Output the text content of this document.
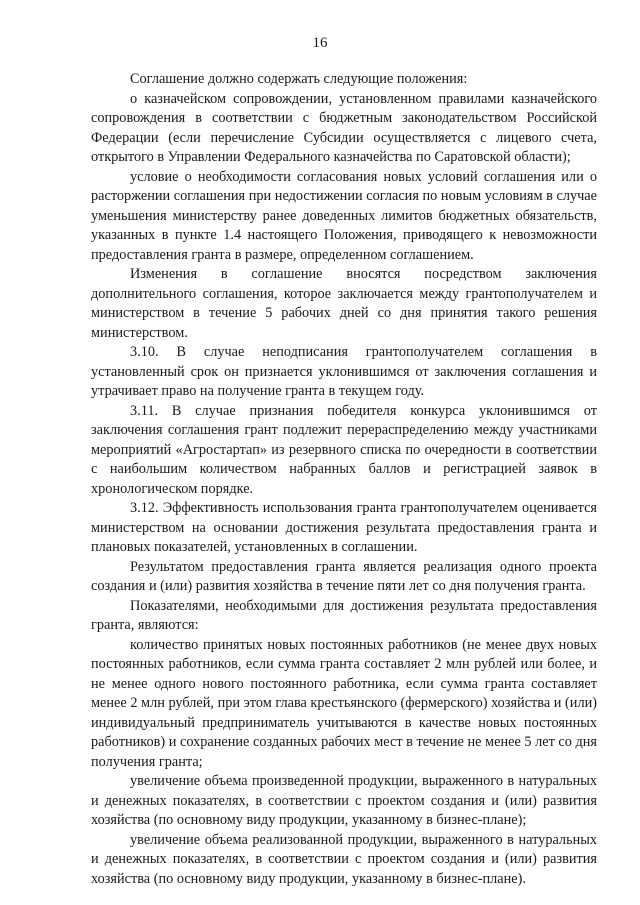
16

Соглашение должно содержать следующие положения:

о казначейском сопровождении, установленном правилами казначейского сопровождения в соответствии с бюджетным законодательством Российской Федерации (если перечисление Субсидии осуществляется с лицевого счета, открытого в Управлении Федерального казначейства по Саратовской области);

условие о необходимости согласования новых условий соглашения или о расторжении соглашения при недостижении согласия по новым условиям в случае уменьшения министерству ранее доведенных лимитов бюджетных обязательств, указанных в пункте 1.4 настоящего Положения, приводящего к невозможности предоставления гранта в размере, определенном соглашением.

Изменения в соглашение вносятся посредством заключения дополнительного соглашения, которое заключается между грантополучателем и министерством в течение 5 рабочих дней со дня принятия такого решения министерством.

3.10. В случае неподписания грантополучателем соглашения в установленный срок он признается уклонившимся от заключения соглашения и утрачивает право на получение гранта в текущем году.

3.11. В случае признания победителя конкурса уклонившимся от заключения соглашения грант подлежит перераспределению между участниками мероприятий «Агростартап» из резервного списка по очередности в соответствии с наибольшим количеством набранных баллов и регистрацией заявок в хронологическом порядке.

3.12. Эффективность использования гранта грантополучателем оценивается министерством на основании достижения результата предоставления гранта и плановых показателей, установленных в соглашении.

Результатом предоставления гранта является реализация одного проекта создания и (или) развития хозяйства в течение пяти лет со дня получения гранта.

Показателями, необходимыми для достижения результата предоставления гранта, являются:

количество принятых новых постоянных работников (не менее двух новых постоянных работников, если сумма гранта составляет 2 млн рублей или более, и не менее одного нового постоянного работника, если сумма гранта составляет менее 2 млн рублей, при этом глава крестьянского (фермерского) хозяйства и (или) индивидуальный предприниматель учитываются в качестве новых постоянных работников) и сохранение созданных рабочих мест в течение не менее 5 лет со дня получения гранта;

увеличение объема произведенной продукции, выраженного в натуральных и денежных показателях, в соответствии с проектом создания и (или) развития хозяйства (по основному виду продукции, указанному в бизнес-плане);

увеличение объема реализованной продукции, выраженного в натуральных и денежных показателях, в соответствии с проектом создания и (или) развития хозяйства (по основному виду продукции, указанному в бизнес-плане).
